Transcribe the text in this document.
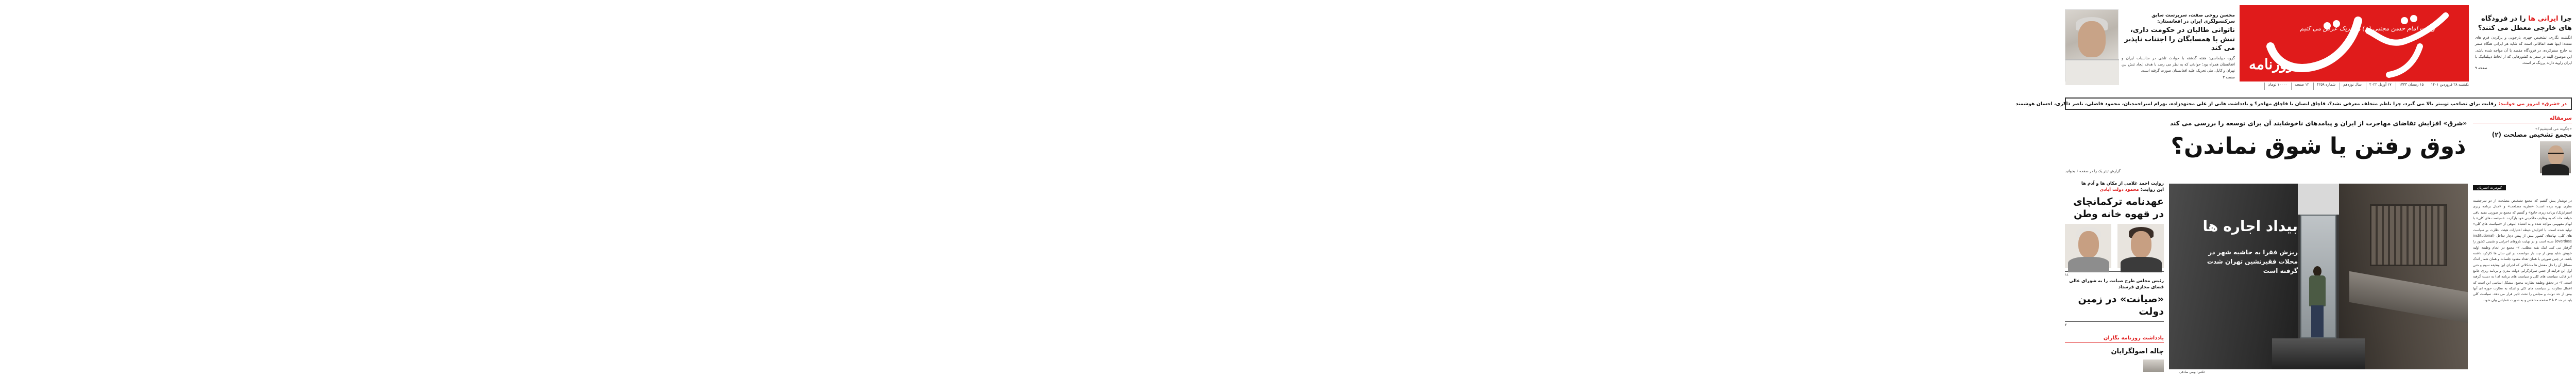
ولادت امام حسن مجتبی (ع) را تبریک عرض می کنیم
روزنامه
یکشنبه ۲۸ فروردین ۱۴۰۱
۱۵ رمضان ۱۴۴۳
۱۷ آوریل ۲۰۲۲
سال نوزدهم
شماره ۴۲۵۹
۱۲ صفحه
۱۰۰۰۰ تومان
محسن روحی صفت، سرپرست سابق سرکنسولگری ایران در افغانستان:
ناتوانی طالبان در حکومت داری، تنش با همسایگان را اجتناب ناپذیر می کند
گروه دیپلماسی: هفته گذشته با حوادث تلخی در مناسبات ایران و افغانستان همراه بود؛ حوادثی که به نظر می رسد با هدف ایجاد تنش بین تهران و کابل، طی تحریک علیه افغانستان صورت گرفته است.
صفحه ۳
چرا ایرانی ها را در فرودگاه های خارجی معطل می کنند؟
انگشت نگاری، تشخیص چهره، بازجویی و پرکردن فرم های متعدد؛ اینها همه اتفاقاتی است که شاید هر ایرانی هنگام سفر به خارج سفرکرده، در فرودگاه مقصد با آن مواجه شده باشد. این موضوع البته در سفر به کشورهایی که از لحاظ دیپلماتیک با ایران زاویه دارند پررنگ تر است.
صفحه ۹
در «شرق» امروز می خوانید:
رقابت برای تصاحب توییتر بالا می گیرد، چرا ناظم متخلف معرفی نشد؟، قاچاق انسان یا قاچاق مهاجر؟ و یادداشت هایی از علی مجتهدزاده، بهرام امیراحمدیان، محمود فاضلی، ناصر ذاکری، احسان هوشمند
سرمقاله
«چگونه می اندیشیم؟»
مجمع تشخیص مصلحت (۲)
کیومرث اشتریان
در نوشتار پیش گفتیم که مجمع تشخیص مصلحت از دو سرچشمه نظری بهره برده است: «نظریه مصلحت» و «مدل برنامه ریزی استراتژیک/ برنامه ریزی جامع» و گفتیم که مجمع در صورتی مفید باقی خواهد ماند که به وظایف حاکمیتی خود بازگردد. «سیاست های کلی» با ابهام مفهومی مواجه شده و به اشتباه ابنوهی از «سیاست های کلی» تولید شده است. با افزایش حیطه اختیارات هیئت نظارت بر سیاست های کلی، نهادهای کشور بیش از پیش دچار تداخل (institutional overdose) شده است و در نهایت بازوهای اجرایی و تقنینی کشور را گرفتار می کند. اینک بقیه مطلب. ۲- مجمع در انجام وظیفه اولیه خویش شاید بیش از چند بار نتوانست در این سال ها کارکرد داشته باشد. در چنین صورتی با همان تعداد معدود جلسات و همان شمار اندک مسائل آن را حل معضل ها مشکلاتی که اجرای این وظیفه سوم و حتی اول این فرایند از جنس تمرکزگرایی دولت مدرن و برنامه ریزی جامع (در قالب سیاست های کلی و سیاست های برنامه ای) به دست گرفته است. ۳- در تحقق وظیفه نظارت مجمع، مشکل اساسی این است که اعمال نظارت بر سیاست های کلی و اینکه به نظارت حوزه ای آنها بیش از حد دولت و مجلس را تحت تاثیر قرار می دهد. سیاست کلی باید در حد ۳ تا ۲ صفحه مشخص و به صورت عملیاتی بیان شود.
«شرق» افزایش تقاضای مهاجرت از ایران و پیامدهای ناخوشایند آن برای توسعه را بررسی می کند
ذوق رفتن یا شوق نماندن؟
گزارش تیتر یک را در صفحه ۶ بخوانید
بیداد اجاره ها
ریزش فقرا به حاشیه شهر در محلات فقیرنشین تهران شدت گرفته است
عکس: بهمن صادقی
روایت احمد غلامی از مکان ها و آدم ها
ابن روایت: محمود دولت آبادی
عهدنامه ترکمانچای در قهوه خانه وطن
۱۱
رئیس مجلس طرح صیانت را به شورای عالی فضای مجازی فرستاد
«صیانت» در زمین دولت
۲
یادداشت روزنامه نگاران
چاله اصولگرایان
